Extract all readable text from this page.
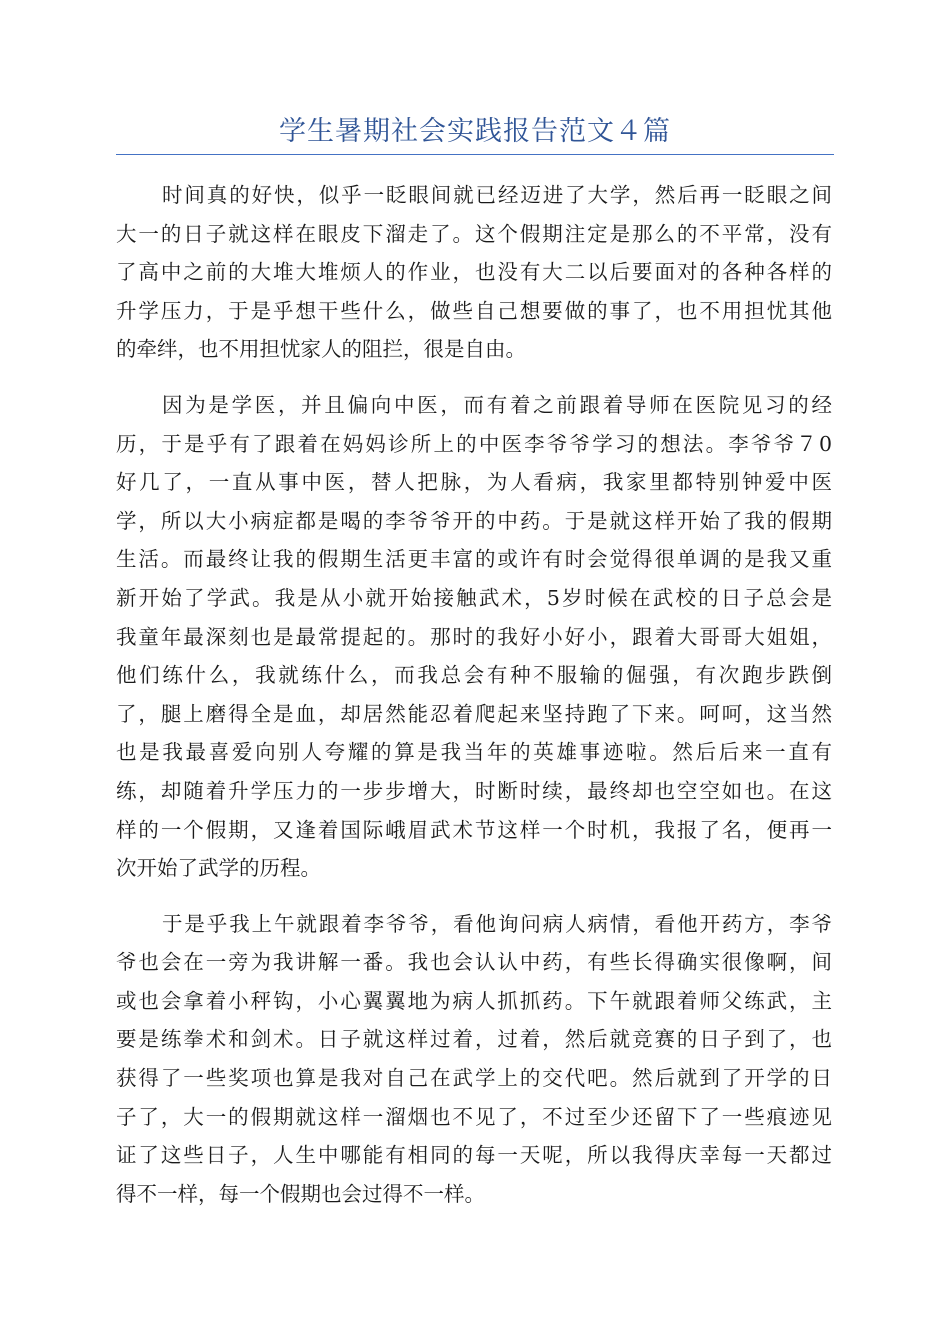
学生暑期社会实践报告范文４篇
时间真的好快，似乎一眨眼间就已经迈进了大学，然后再一眨眼之间
大一的日子就这样在眼皮下溜走了。这个假期注定是那么的不平常，没有
了高中之前的大堆大堆烦人的作业，也没有大二以后要面对的各种各样的
升学压力，于是乎想干些什么，做些自己想要做的事了，也不用担忧其他
的牵绊，也不用担忧家人的阻拦，很是自由。
因为是学医，并且偏向中医，而有着之前跟着导师在医院见习的经
历，于是乎有了跟着在妈妈诊所上的中医李爷爷学习的想法。李爷爷７0
好几了，一直从事中医，替人把脉，为人看病，我家里都特别钟爱中医
学，所以大小病症都是喝的李爷爷开的中药。于是就这样开始了我的假期
生活。而最终让我的假期生活更丰富的或许有时会觉得很单调的是我又重
新开始了学武。我是从小就开始接触武术，5岁时候在武校的日子总会是
我童年最深刻也是最常提起的。那时的我好小好小，跟着大哥哥大姐姐，
他们练什么，我就练什么，而我总会有种不服输的倔强，有次跑步跌倒
了，腿上磨得全是血，却居然能忍着爬起来坚持跑了下来。呵呵，这当然
也是我最喜爱向别人夸耀的算是我当年的英雄事迹啦。然后后来一直有
练，却随着升学压力的一步步增大，时断时续，最终却也空空如也。在这
样的一个假期，又逢着国际峨眉武术节这样一个时机，我报了名，便再一
次开始了武学的历程。
于是乎我上午就跟着李爷爷，看他询问病人病情，看他开药方，李爷
爷也会在一旁为我讲解一番。我也会认认中药，有些长得确实很像啊，间
或也会拿着小秤钩，小心翼翼地为病人抓抓药。下午就跟着师父练武，主
要是练拳术和剑术。日子就这样过着，过着，然后就竞赛的日子到了，也
获得了一些奖项也算是我对自己在武学上的交代吧。然后就到了开学的日
子了，大一的假期就这样一溜烟也不见了，不过至少还留下了一些痕迹见
证了这些日子，人生中哪能有相同的每一天呢，所以我得庆幸每一天都过
得不一样，每一个假期也会过得不一样。
